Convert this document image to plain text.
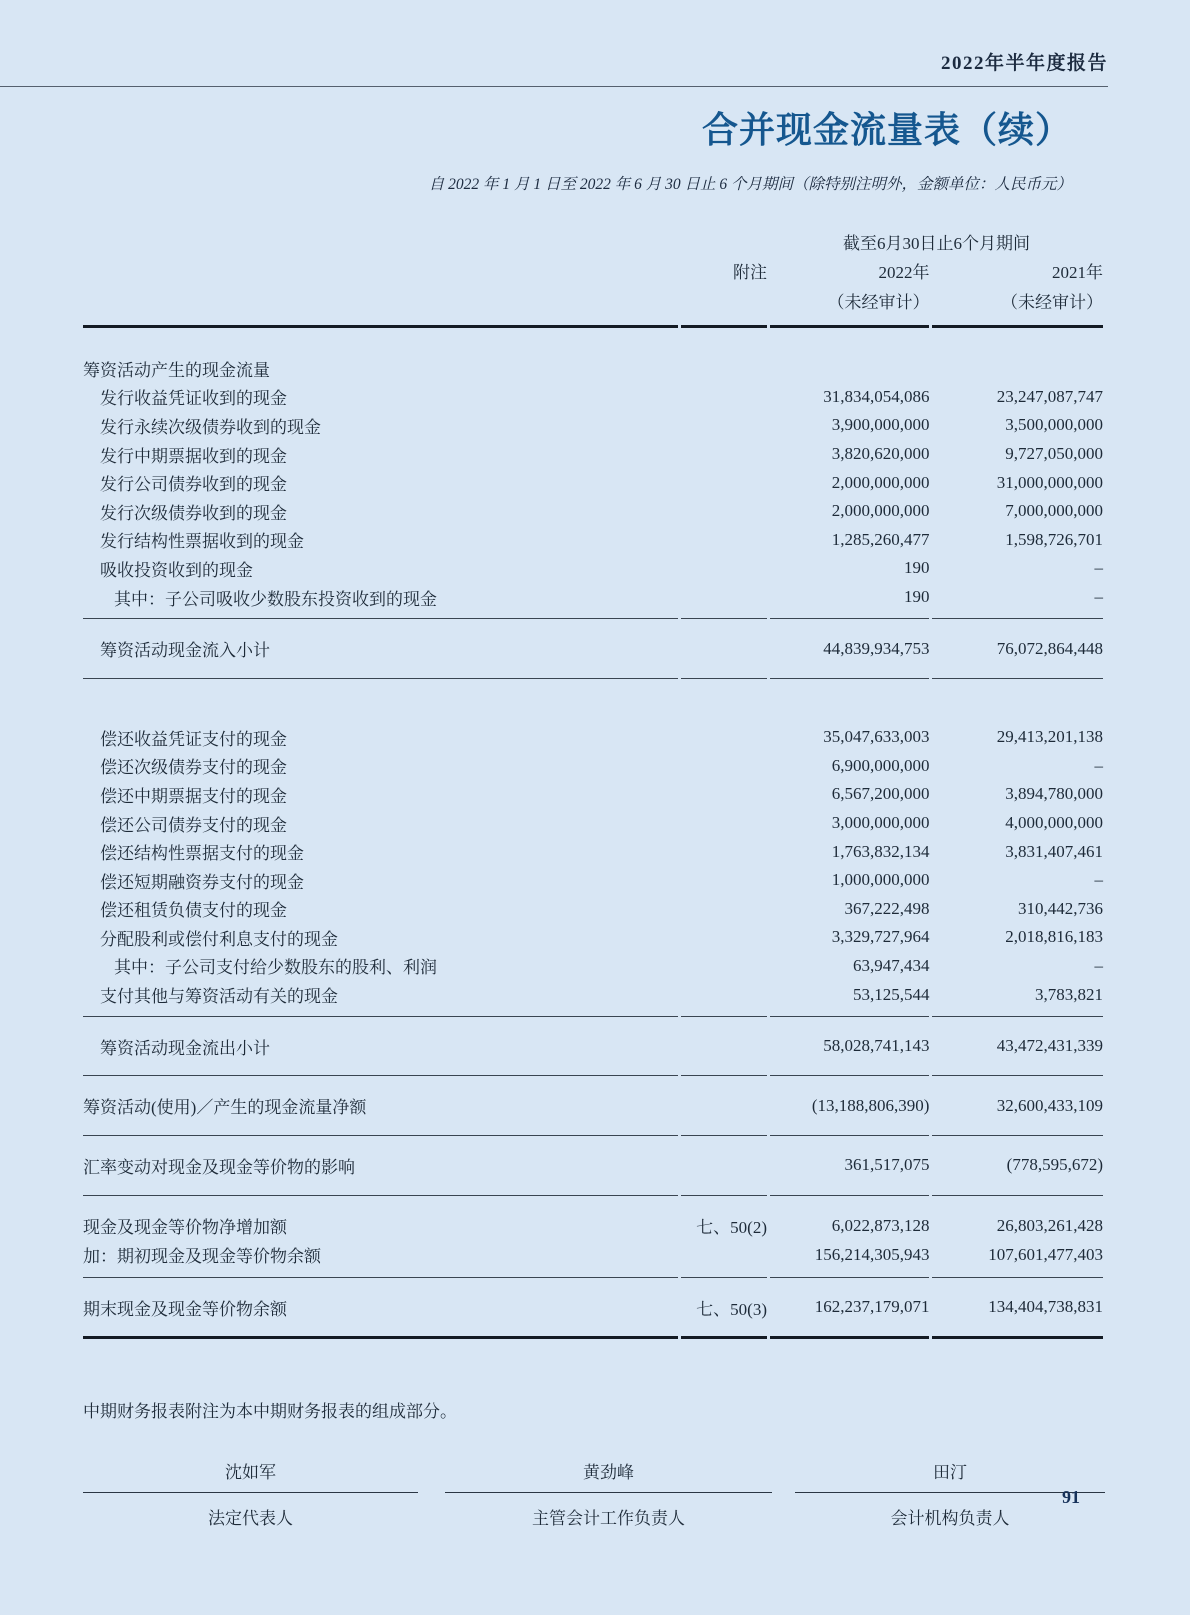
2022年半年度报告
合并现金流量表（续）
自 2022 年 1 月 1 日至 2022 年 6 月 30 日止 6 个月期间（除特别注明外，金额单位：人民币元）
		截至6月30日止6个月期间	
	附注	2022年	2021年
		（未经审计）	（未经审计）

筹资活动产生的现金流量			
发行收益凭证收到的现金		31,834,054,086	23,247,087,747
发行永续次级债券收到的现金		3,900,000,000	3,500,000,000
发行中期票据收到的现金		3,820,620,000	9,727,050,000
发行公司债券收到的现金		2,000,000,000	31,000,000,000
发行次级债券收到的现金		2,000,000,000	7,000,000,000
发行结构性票据收到的现金		1,285,260,477	1,598,726,701
吸收投资收到的现金		190	–
其中：子公司吸收少数股东投资收到的现金		190	–

筹资活动现金流入小计		44,839,934,753	76,072,864,448

偿还收益凭证支付的现金		35,047,633,003	29,413,201,138
偿还次级债券支付的现金		6,900,000,000	–
偿还中期票据支付的现金		6,567,200,000	3,894,780,000
偿还公司债券支付的现金		3,000,000,000	4,000,000,000
偿还结构性票据支付的现金		1,763,832,134	3,831,407,461
偿还短期融资券支付的现金		1,000,000,000	–
偿还租赁负债支付的现金		367,222,498	310,442,736
分配股利或偿付利息支付的现金		3,329,727,964	2,018,816,183
其中：子公司支付给少数股东的股利、利润		63,947,434	–
支付其他与筹资活动有关的现金		53,125,544	3,783,821

筹资活动现金流出小计		58,028,741,143	43,472,431,339

筹资活动(使用)／产生的现金流量净额		(13,188,806,390)	32,600,433,109

汇率变动对现金及现金等价物的影响		361,517,075	(778,595,672)

现金及现金等价物净增加额	七、50(2)	6,022,873,128	26,803,261,428
加：期初现金及现金等价物余额		156,214,305,943	107,601,477,403

期末现金及现金等价物余额	七、50(3)	162,237,179,071	134,404,738,831

中期财务报表附注为本中期财务报表的组成部分。
沈如军
法定代表人
黄劲峰
主管会计工作负责人
田汀
会计机构负责人
91
